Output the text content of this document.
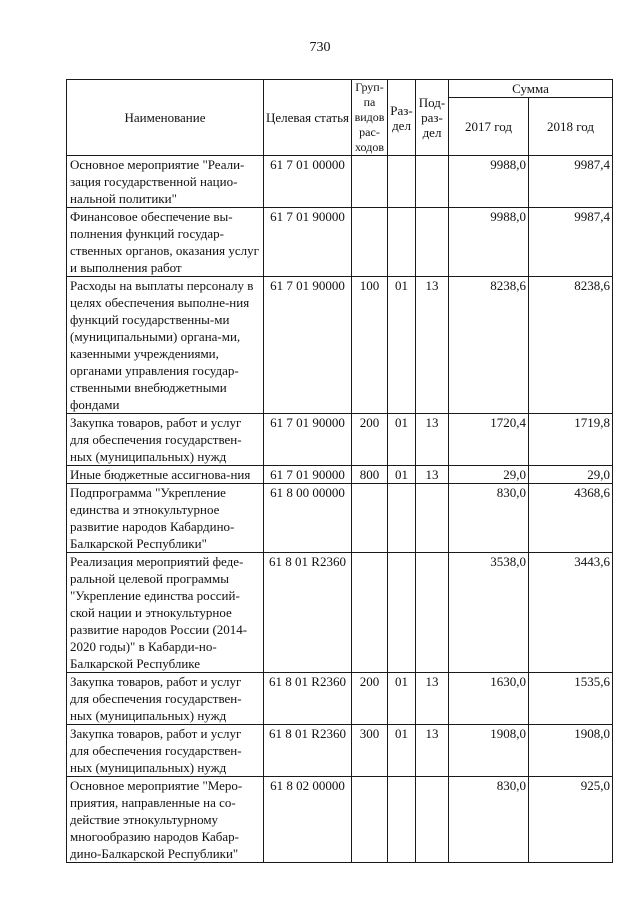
730
Наименование	Целевая статья	Груп-па видов рас-ходов	Раз-дел	Под-раз-дел	Сумма	
					2017 год	2018 год
Основное мероприятие "Реали-зация государственной нацио-нальной политики"	61 7 01 00000				9988,0	9987,4
Финансовое обеспечение вы-полнения функций государ-ственных органов, оказания услуг и выполнения работ	61 7 01 90000				9988,0	9987,4
Расходы на выплаты персоналу в целях обеспечения выполне-ния функций государственны-ми (муниципальными) органа-ми, казенными учреждениями, органами управления государ-ственными внебюджетными фондами	61 7 01 90000	100	01	13	8238,6	8238,6
Закупка товаров, работ и услуг для обеспечения государствен-ных (муниципальных) нужд	61 7 01 90000	200	01	13	1720,4	1719,8
Иные бюджетные ассигнова-ния	61 7 01 90000	800	01	13	29,0	29,0
Подпрограмма "Укрепление единства и этнокультурное развитие народов Кабардино-Балкарской Республики"	61 8 00 00000				830,0	4368,6
Реализация мероприятий феде-ральной целевой программы "Укрепление единства россий-ской нации и этнокультурное развитие народов России (2014-2020 годы)" в Кабарди-но-Балкарской Республике	61 8 01 R2360				3538,0	3443,6
Закупка товаров, работ и услуг для обеспечения государствен-ных (муниципальных) нужд	61 8 01 R2360	200	01	13	1630,0	1535,6
Закупка товаров, работ и услуг для обеспечения государствен-ных (муниципальных) нужд	61 8 01 R2360	300	01	13	1908,0	1908,0
Основное мероприятие "Меро-приятия, направленные на со-действие этнокультурному многообразию народов Кабар-дино-Балкарской Республики"	61 8 02 00000				830,0	925,0
